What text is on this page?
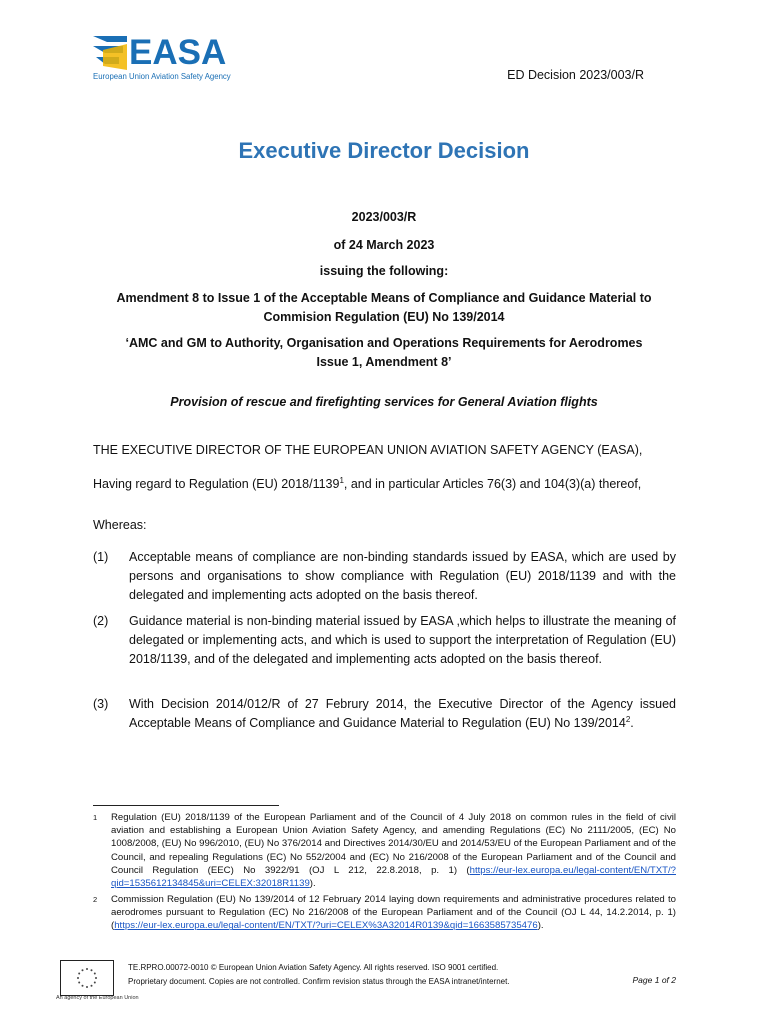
EASA
European Union Aviation Safety Agency	ED Decision 2023/003/R
Executive Director Decision
2023/003/R
of 24 March 2023
issuing the following:
Amendment 8 to Issue 1 of the Acceptable Means of Compliance and Guidance Material to
Commision Regulation (EU) No 139/2014
‘AMC and GM to Authority, Organisation and Operations Requirements for Aerodromes
Issue 1, Amendment 8’
Provision of rescue and firefighting services for General Aviation flights
THE EXECUTIVE DIRECTOR OF THE EUROPEAN UNION AVIATION SAFETY AGENCY (EASA),
Having regard to Regulation (EU) 2018/1139$^1$, and in particular Articles 76(3) and 104(3)(a) thereof,
Whereas:
(1)	Acceptable means of compliance are non-binding standards issued by EASA, which are used by persons and organisations to show compliance with Regulation (EU) 2018/1139 and with the delegated and implementing acts adopted on the basis thereof.
(2)	Guidance material is non-binding material issued by EASA ,which helps to illustrate the meaning of delegated or implementing acts, and which is used to support the interpretation of Regulation (EU) 2018/1139, and of the delegated and implementing acts adopted on the basis thereof.
(3)	With Decision 2014/012/R of 27 Februry 2014, the Executive Director of the Agency issued Acceptable Means of Compliance and Guidance Material to Regulation (EU) No 139/2014$^2$.
1	Regulation (EU) 2018/1139 of the European Parliament and of the Council of 4 July 2018 on common rules in the field of civil aviation and establishing a European Union Aviation Safety Agency, and amending Regulations (EC) No 2111/2005, (EC) No 1008/2008, (EU) No 996/2010, (EU) No 376/2014 and Directives 2014/30/EU and 2014/53/EU of the European Parliament and of the Council, and repealing Regulations (EC) No 552/2004 and (EC) No 216/2008 of the European Parliament and of the Council and Council Regulation (EEC) No 3922/91 (OJ L 212, 22.8.2018, p. 1) (https://eur-lex.europa.eu/legal-content/EN/TXT/?qid=1535612134845&uri=CELEX:32018R1139).
2	Commission Regulation (EU) No 139/2014 of 12 February 2014 laying down requirements and administrative procedures related to aerodromes pursuant to Regulation (EC) No 216/2008 of the European Parliament and of the Council (OJ L 44, 14.2.2014, p. 1) (https://eur-lex.europa.eu/legal-content/EN/TXT/?uri=CELEX%3A32014R0139&qid=1663585735476).
An agency of the European Union
TE.RPRO.00072-0010 © European Union Aviation Safety Agency. All rights reserved. ISO 9001 certified.
Proprietary document. Copies are not controlled. Confirm revision status through the EASA intranet/internet.	Page 1 of 2
